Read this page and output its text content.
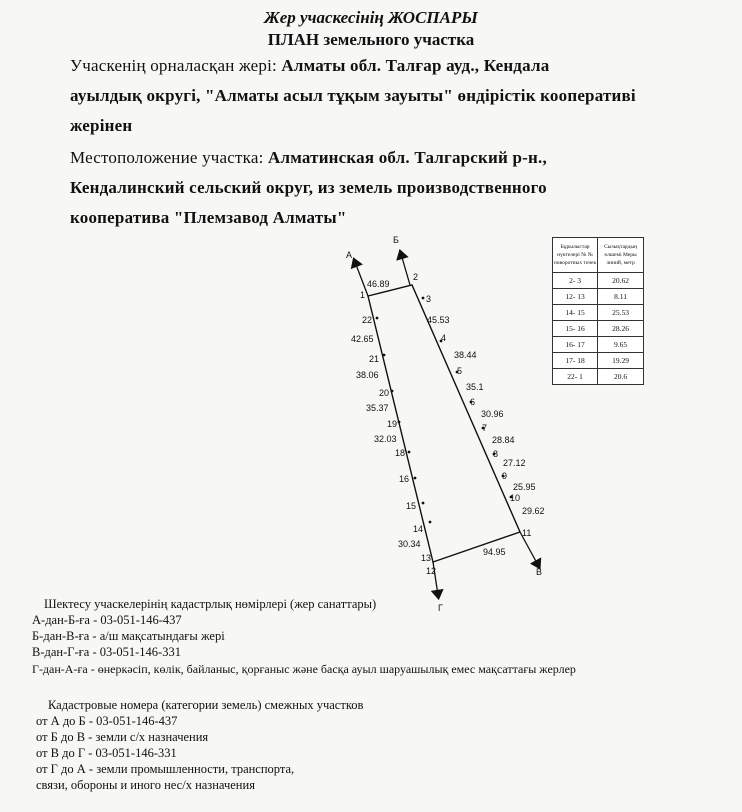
Жер учаскесінің ЖОСПАРЫ
ПЛАН земельного участка
Учаскенің орналасқан жері: Алматы обл. Талғар ауд., Кендала
ауылдық округі, "Алматы асыл тұқым зауыты" өндірістік кооперативі
жерінен
Местоположение участка: Алматинская обл. Талгарский р-н.,
Кендалинский сельский округ, из земель производственного
кооператива "Племзавод Алматы"
А
Б
В
Г
1
2
3
4
5
6
7
8
9
10
11
12
13
14
15
16
18
19
20
21
22
46.89
45.53
38.44
35.1
30.96
28.84
27.12
25.95
29.62
94.95
30.34
32.03
35.37
38.06
42.65
Бұрылыстар нүктелері № № поворотных точек	Сызықтардың өлшемі Меры линий, метр
2- 3	20.62
12- 13	8.11
14- 15	25.53
15- 16	28.26
16- 17	9.65
17- 18	19.29
22- 1	20.6
Шектесу учаскелерінің кадастрлық нөмірлері (жер санаттары)
А-дан-Б-ға - 03-051-146-437
Б-дан-В-ға - а/ш мақсатындағы жері
В-дан-Г-ға - 03-051-146-331
Г-дан-А-ға - өнеркәсіп, көлік, байланыс, қорғаныс және басқа ауыл шаруашылық емес мақсаттағы жерлер
Кадастровые номера (категории земель) смежных участков
от А до Б - 03-051-146-437
от Б до В - земли с/х назначения
от В до Г - 03-051-146-331
от Г до А - земли промышленности, транспорта,
связи, обороны и иного нес/х назначения
